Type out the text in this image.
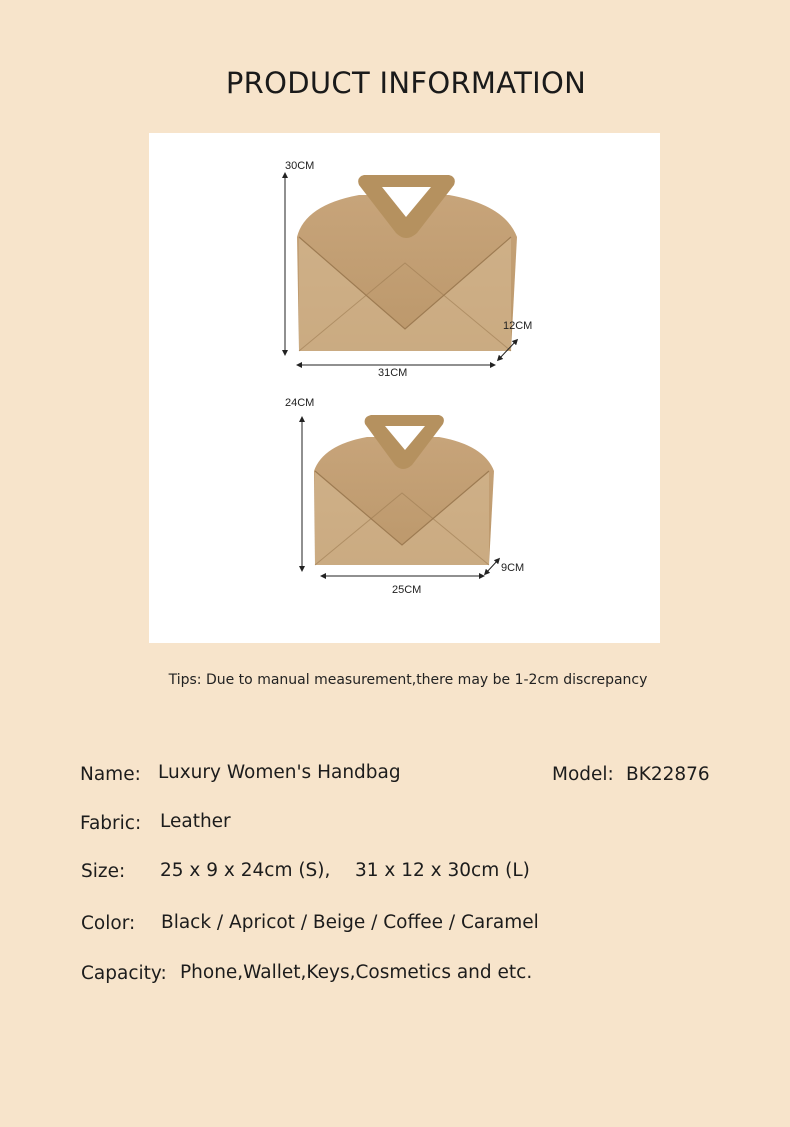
PRODUCT INFORMATION
30CM
31CM
12CM
24CM
25CM
9CM
Tips: Due to manual measurement,there may be 1-2cm discrepancy
Name: Luxury Women's Handbag	Model: BK22876
Fabric: Leather
Size: 25 x 9 x 24cm (S), 31 x 12 x 30cm (L)
Color: Black / Apricot / Beige / Coffee / Caramel
Capacity: Phone,Wallet,Keys,Cosmetics and etc.
